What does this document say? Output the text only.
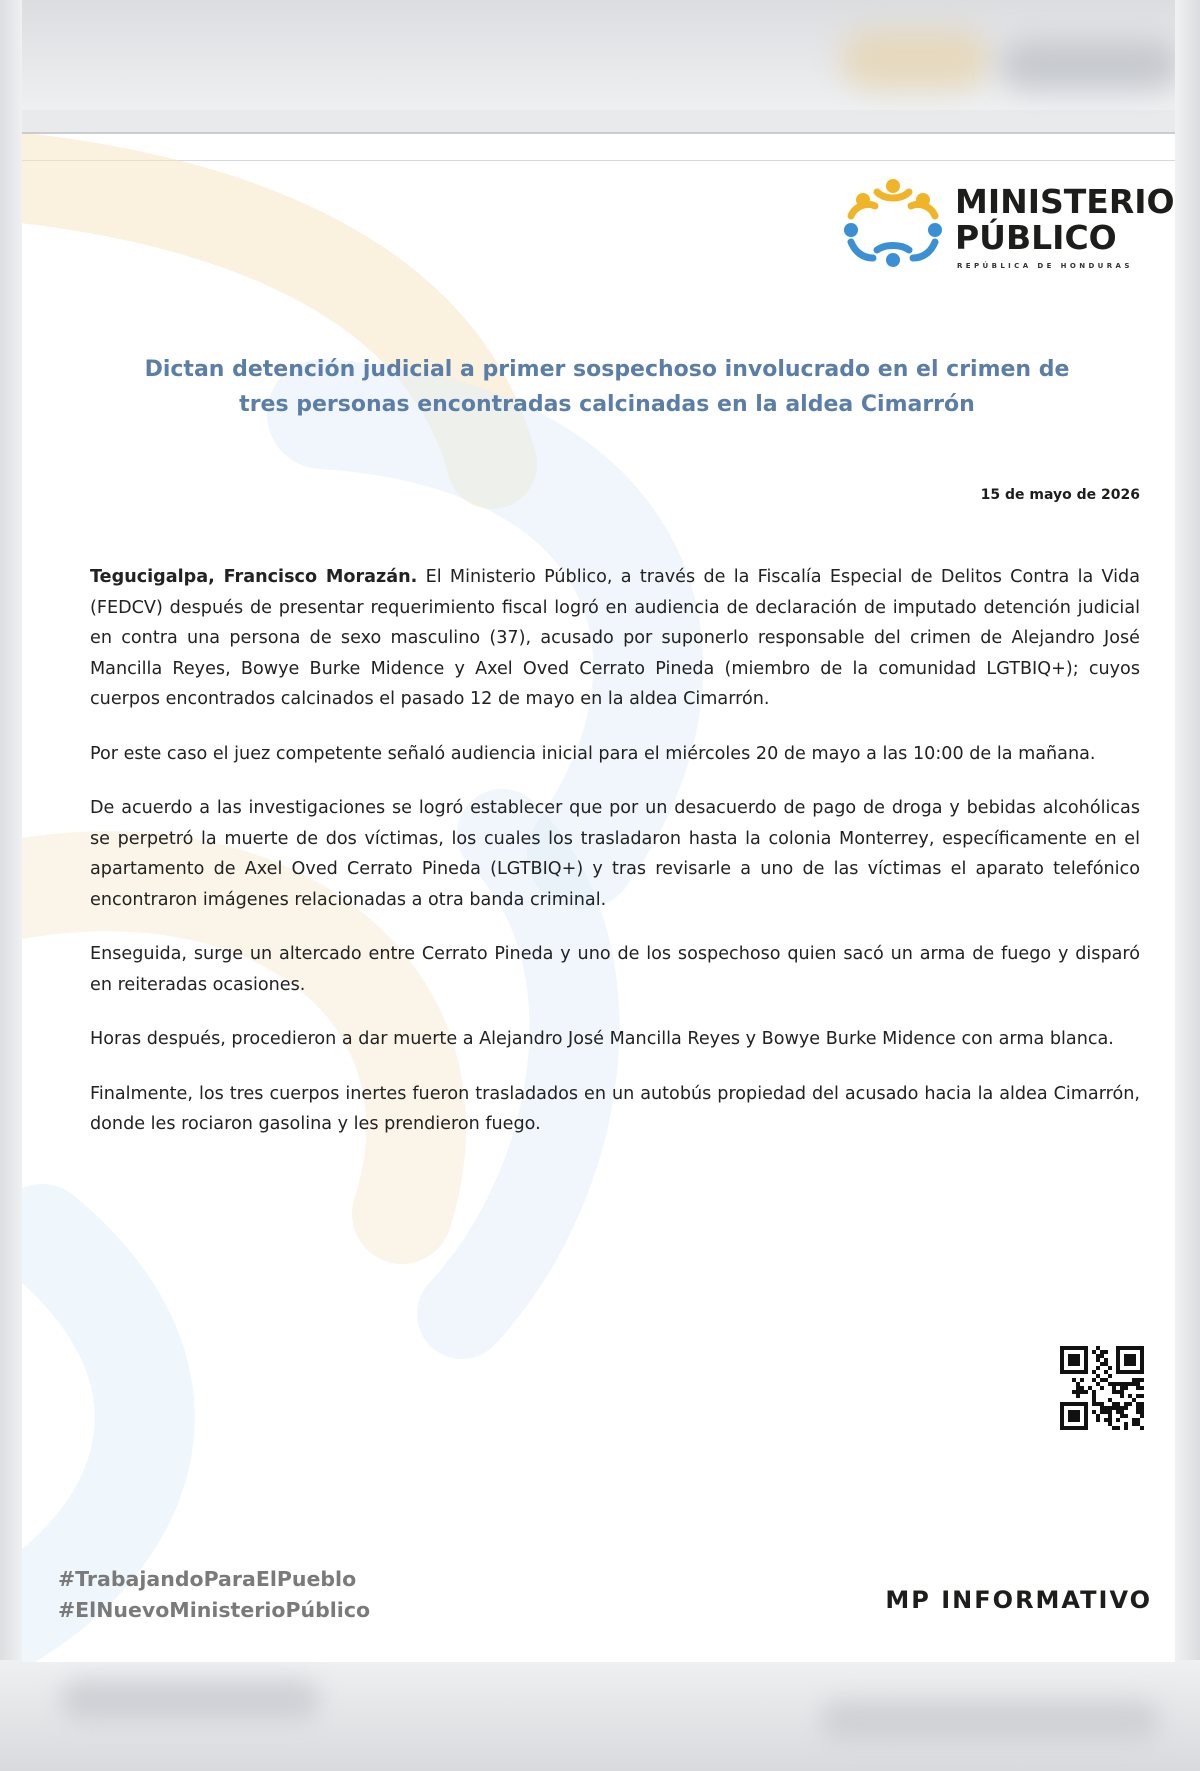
MINISTERIO
PÚBLICO
REPÚBLICA DE HONDURAS
Dictan detención judicial a primer sospechoso involucrado en el crimen de tres personas encontradas calcinadas en la aldea Cimarrón
15 de mayo de 2026

Tegucigalpa, Francisco Morazán. El Ministerio Público, a través de la Fiscalía Especial de Delitos Contra la Vida (FEDCV) después de presentar requerimiento fiscal logró en audiencia de declaración de imputado detención judicial en contra una persona de sexo masculino (37), acusado por suponerlo responsable del crimen de Alejandro José Mancilla Reyes, Bowye Burke Midence y Axel Oved Cerrato Pineda (miembro de la comunidad LGTBIQ+); cuyos cuerpos encontrados calcinados el pasado 12 de mayo en la aldea Cimarrón.

Por este caso el juez competente señaló audiencia inicial para el miércoles 20 de mayo a las 10:00 de la mañana.

De acuerdo a las investigaciones se logró establecer que por un desacuerdo de pago de droga y bebidas alcohólicas se perpetró la muerte de dos víctimas, los cuales los trasladaron hasta la colonia Monterrey, específicamente en el apartamento de Axel Oved Cerrato Pineda (LGTBIQ+) y tras revisarle a uno de las víctimas el aparato telefónico encontraron imágenes relacionadas a otra banda criminal.

Enseguida, surge un altercado entre Cerrato Pineda y uno de los sospechoso quien sacó un arma de fuego y disparó en reiteradas ocasiones.

Horas después, procedieron a dar muerte a Alejandro José Mancilla Reyes y Bowye Burke Midence con arma blanca.

Finalmente, los tres cuerpos inertes fueron trasladados en un autobús propiedad del acusado hacia la aldea Cimarrón, donde les rociaron gasolina y les prendieron fuego.

#TrabajandoParaElPueblo
#ElNuevoMinisterioPúblico	MP INFORMATIVO
